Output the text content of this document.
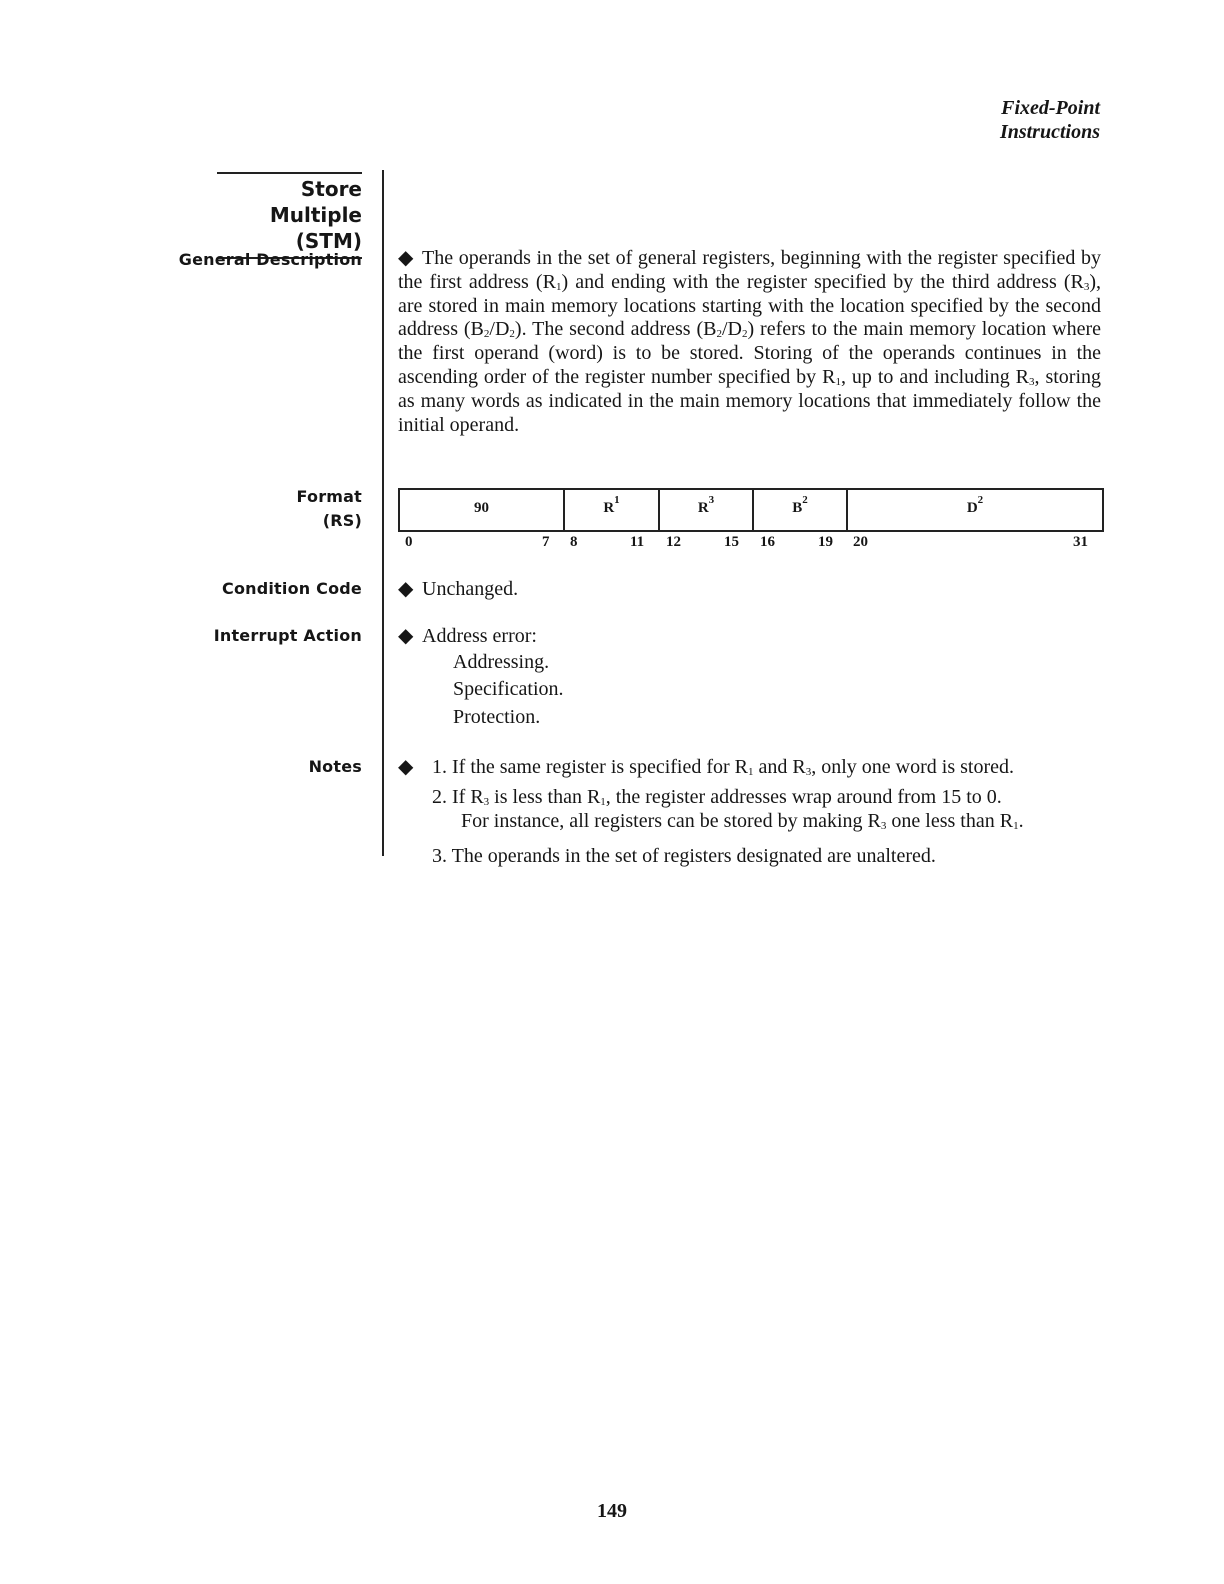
Fixed-Point
Instructions
Store Multiple
(STM)
General Description
Format
(RS)
Condition Code
Interrupt Action
Notes
◆ The operands in the set of general registers, beginning with the register specified by the first address $(R_1)$ and ending with the register specified by the third address $(R_3)$, are stored in main memory locations starting with the location specified by the second address $(B_2/D_2)$. The second address $(B_2/D_2)$ refers to the main memory location where the first operand (word) is to be stored. Storing of the operands continues in the ascending order of the register number specified by $R_1$, up to and including $R_3$, storing as many words as indicated in the main memory locations that immediately follow the initial operand.
90	R 1	R 3	B 2	D 2
0	7 8	11 12	15 16	19 20	31
◆ Unchanged.
◆ Address error:
Addressing.
Specification.
Protection.
◆ 1. If the same register is specified for $R_1$ and $R_3$, only one word is stored.
2. If $R_3$ is less than $R_1$, the register addresses wrap around from 15 to 0.
For instance, all registers can be stored by making $R_3$ one less than $R_1$.
3. The operands in the set of registers designated are unaltered.
149
